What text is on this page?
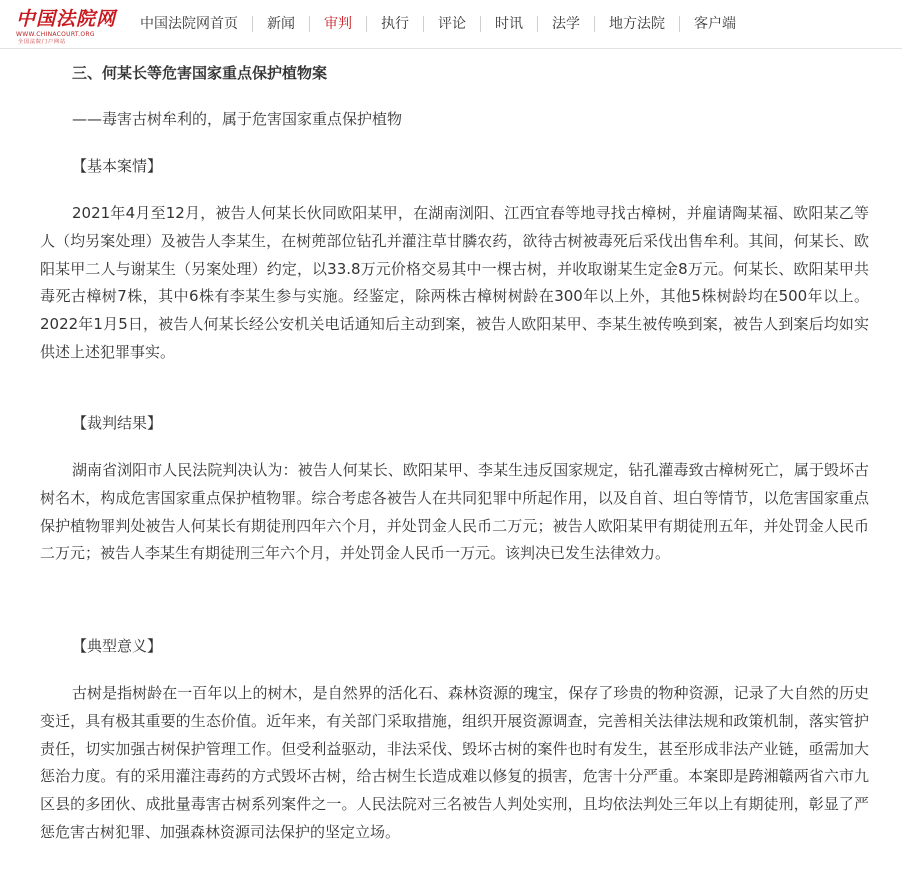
中国法院网
WWW.CHINACOURT.ORG
全国法院门户网站
中国法院网首页	新闻	审判	执行	评论	时讯	法学	地方法院	客户端

三、何某长等危害国家重点保护植物案

——毒害古树牟利的，属于危害国家重点保护植物

【基本案情】

2021年4月至12月，被告人何某长伙同欧阳某甲，在湖南浏阳、江西宜春等地寻找古樟树，并雇请陶某福、欧阳某乙等人（均另案处理）及被告人李某生，在树蔸部位钻孔并灌注草甘膦农药，欲待古树被毒死后采伐出售牟利。其间，何某长、欧阳某甲二人与谢某生（另案处理）约定，以33.8万元价格交易其中一棵古树，并收取谢某生定金8万元。何某长、欧阳某甲共毒死古樟树7株，其中6株有李某生参与实施。经鉴定，除两株古樟树树龄在300年以上外，其他5株树龄均在500年以上。2022年1月5日，被告人何某长经公安机关电话通知后主动到案，被告人欧阳某甲、李某生被传唤到案，被告人到案后均如实供述上述犯罪事实。

【裁判结果】

湖南省浏阳市人民法院判决认为：被告人何某长、欧阳某甲、李某生违反国家规定，钻孔灌毒致古樟树死亡，属于毁坏古树名木，构成危害国家重点保护植物罪。综合考虑各被告人在共同犯罪中所起作用，以及自首、坦白等情节，以危害国家重点保护植物罪判处被告人何某长有期徒刑四年六个月，并处罚金人民币二万元；被告人欧阳某甲有期徒刑五年，并处罚金人民币二万元；被告人李某生有期徒刑三年六个月，并处罚金人民币一万元。该判决已发生法律效力。

【典型意义】

古树是指树龄在一百年以上的树木，是自然界的活化石、森林资源的瑰宝，保存了珍贵的物种资源，记录了大自然的历史变迁，具有极其重要的生态价值。近年来，有关部门采取措施，组织开展资源调查，完善相关法律法规和政策机制，落实管护责任，切实加强古树保护管理工作。但受利益驱动，非法采伐、毁坏古树的案件也时有发生，甚至形成非法产业链，亟需加大惩治力度。有的采用灌注毒药的方式毁坏古树，给古树生长造成难以修复的损害，危害十分严重。本案即是跨湘赣两省六市九区县的多团伙、成批量毒害古树系列案件之一。人民法院对三名被告人判处实刑，且均依法判处三年以上有期徒刑，彰显了严惩危害古树犯罪、加强森林资源司法保护的坚定立场。
